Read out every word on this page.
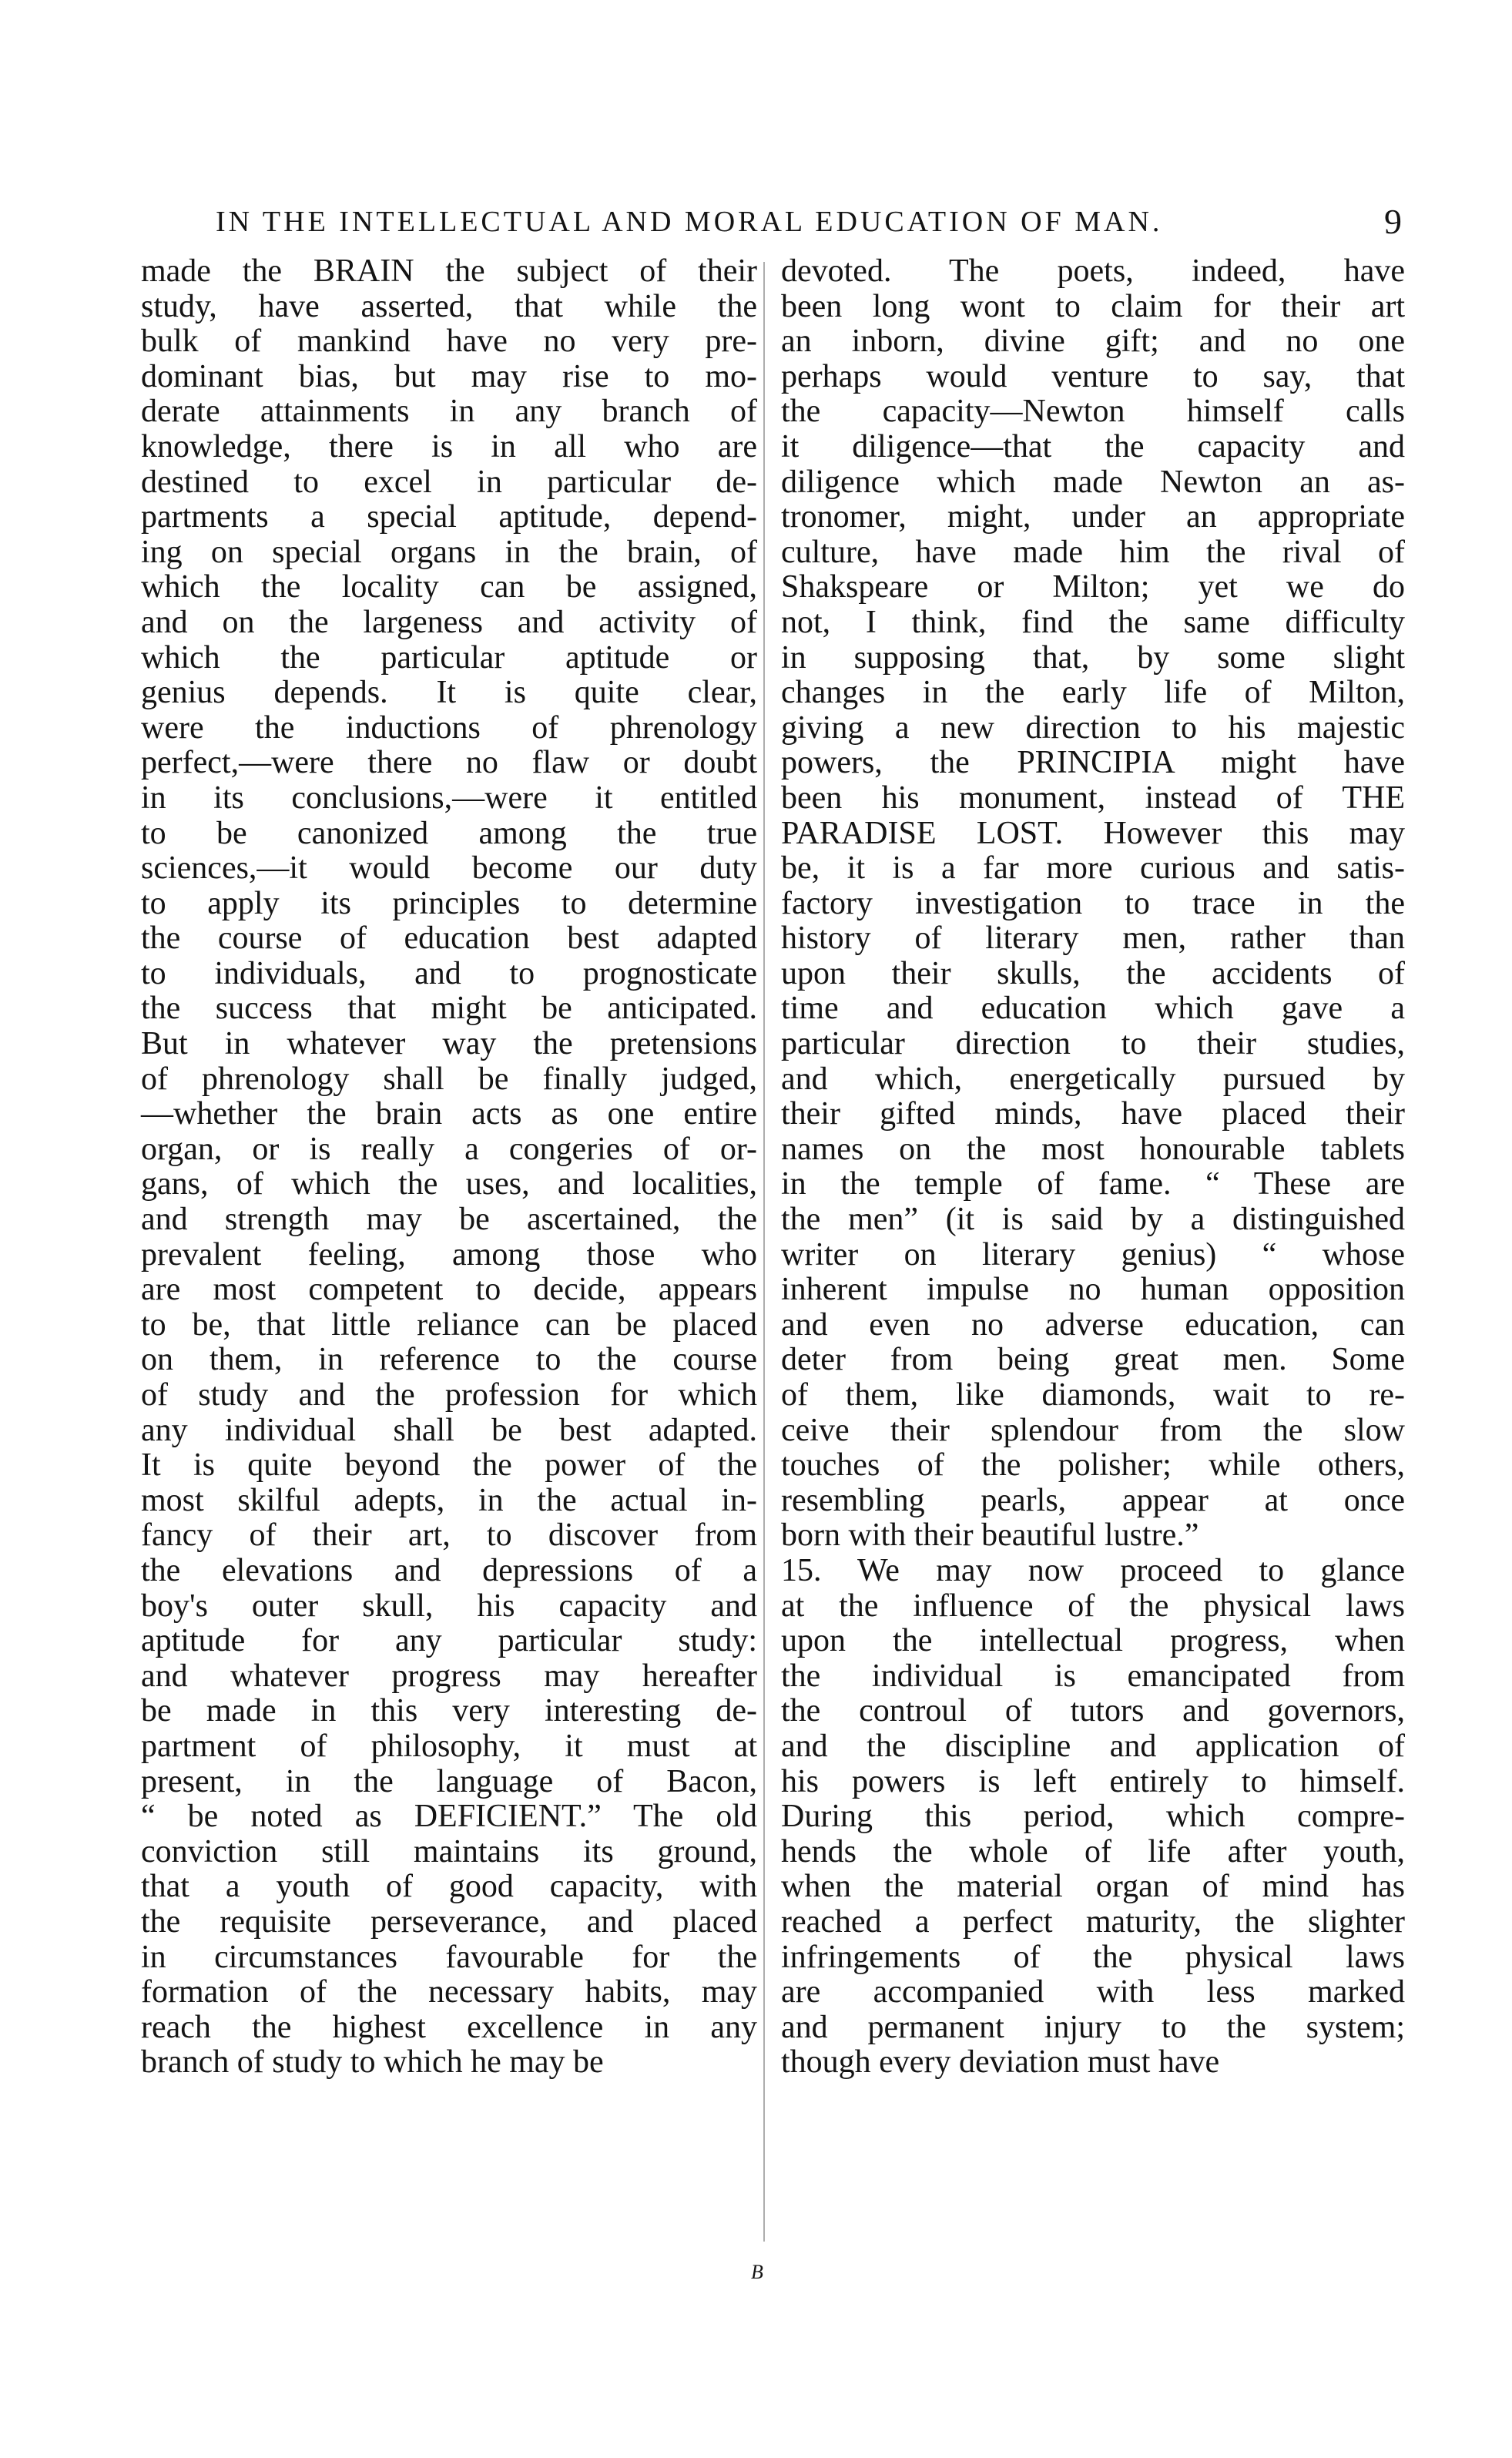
IN THE INTELLECTUAL AND MORAL EDUCATION OF MAN.	9
made the BRAIN the subject of their
study, have asserted, that while the
bulk of mankind have no very pre-
dominant bias, but may rise to mo-
derate attainments in any branch of
knowledge, there is in all who are
destined to excel in particular de-
partments a special aptitude, depend-
ing on special organs in the brain, of
which the locality can be assigned,
and on the largeness and activity of
which the particular aptitude or
genius depends. It is quite clear,
were the inductions of phrenology
perfect,—were there no flaw or doubt
in its conclusions,—were it entitled
to be canonized among the true
sciences,—it would become our duty
to apply its principles to determine
the course of education best adapted
to individuals, and to prognosticate
the success that might be anticipated.
But in whatever way the pretensions
of phrenology shall be finally judged,
—whether the brain acts as one entire
organ, or is really a congeries of or-
gans, of which the uses, and localities,
and strength may be ascertained, the
prevalent feeling, among those who
are most competent to decide, appears
to be, that little reliance can be placed
on them, in reference to the course
of study and the profession for which
any individual shall be best adapted.
It is quite beyond the power of the
most skilful adepts, in the actual in-
fancy of their art, to discover from
the elevations and depressions of a
boy's outer skull, his capacity and
aptitude for any particular study:
and whatever progress may hereafter
be made in this very interesting de-
partment of philosophy, it must at
present, in the language of Bacon,
“ be noted as DEFICIENT.” The old
conviction still maintains its ground,
that a youth of good capacity, with
the requisite perseverance, and placed
in circumstances favourable for the
formation of the necessary habits, may
reach the highest excellence in any
branch of study to which he may be
devoted. The poets, indeed, have
been long wont to claim for their art
an inborn, divine gift; and no one
perhaps would venture to say, that
the capacity—Newton himself calls
it diligence—that the capacity and
diligence which made Newton an as-
tronomer, might, under an appropriate
culture, have made him the rival of
Shakspeare or Milton; yet we do
not, I think, find the same difficulty
in supposing that, by some slight
changes in the early life of Milton,
giving a new direction to his majestic
powers, the PRINCIPIA might have
been his monument, instead of THE
PARADISE LOST. However this may
be, it is a far more curious and satis-
factory investigation to trace in the
history of literary men, rather than
upon their skulls, the accidents of
time and education which gave a
particular direction to their studies,
and which, energetically pursued by
their gifted minds, have placed their
names on the most honourable tablets
in the temple of fame. “ These are
the men” (it is said by a distinguished
writer on literary genius) “ whose
inherent impulse no human opposition
and even no adverse education, can
deter from being great men. Some
of them, like diamonds, wait to re-
ceive their splendour from the slow
touches of the polisher; while others,
resembling pearls, appear at once
born with their beautiful lustre.”
15. We may now proceed to glance
at the influence of the physical laws
upon the intellectual progress, when
the individual is emancipated from
the controul of tutors and governors,
and the discipline and application of
his powers is left entirely to himself.
During this period, which compre-
hends the whole of life after youth,
when the material organ of mind has
reached a perfect maturity, the slighter
infringements of the physical laws
are accompanied with less marked
and permanent injury to the system;
though every deviation must have
B
